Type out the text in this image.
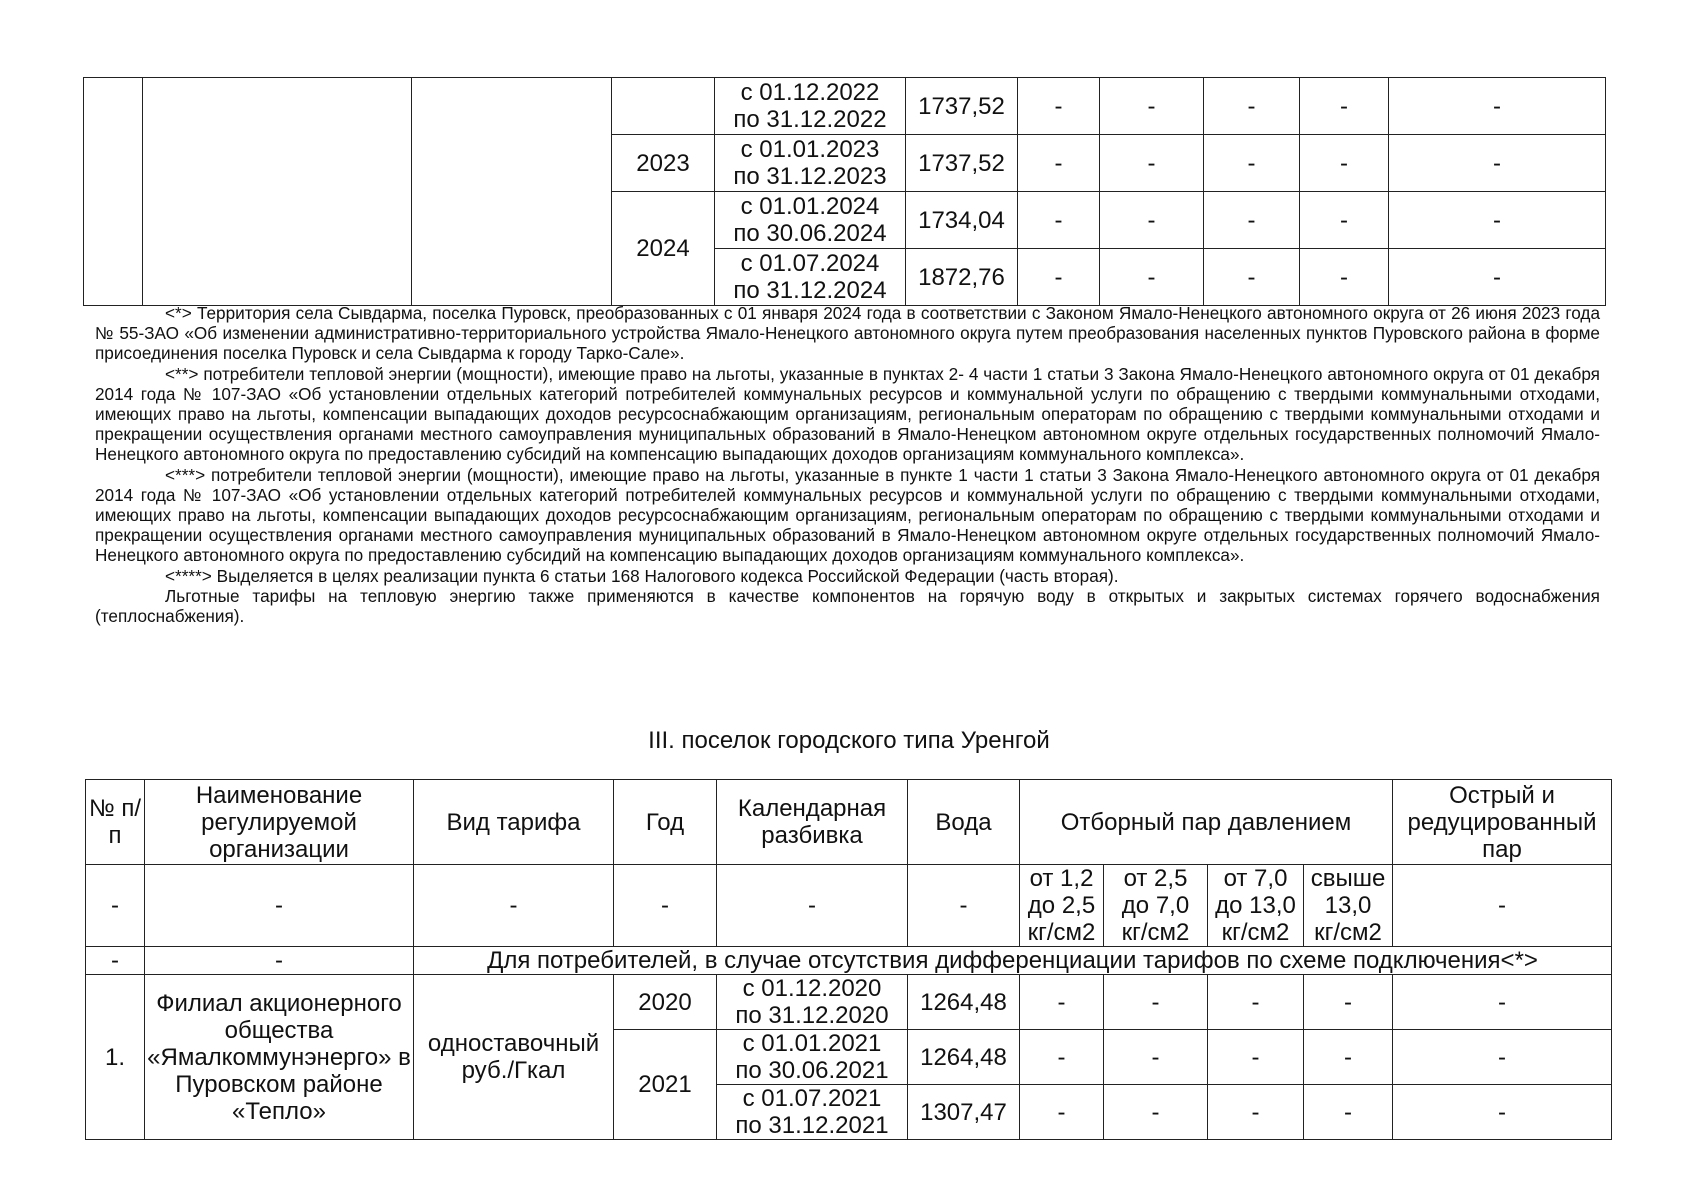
				с 01.12.2022
по 31.12.2022	1737,52	-	-	-	-	-
			2023	с 01.01.2023
по 31.12.2023	1737,52	-	-	-	-	-
			2024	с 01.01.2024
по 30.06.2024	1734,04	-	-	-	-	-

				с 01.07.2024
по 31.12.2024	1872,76	-	-	-	-	-

<*> Территория села Сывдарма, поселка Пуровск, преобразованных с 01 января 2024 года в соответствии с Законом Ямало-Ненецкого автономного округа от 26 июня 2023 года № 55-ЗАО «Об изменении административно-территориального устройства Ямало-Ненецкого автономного округа путем преобразования населенных пунктов Пуровского района в форме присоединения поселка Пуровск и села Сывдарма к городу Тарко-Сале».

<**> потребители тепловой энергии (мощности), имеющие право на льготы, указанные в пунктах 2- 4 части 1 статьи 3 Закона Ямало-Ненецкого автономного округа от 01 декабря 2014 года № 107-ЗАО «Об установлении отдельных категорий потребителей коммунальных ресурсов и коммунальной услуги по обращению с твердыми коммунальными отходами, имеющих право на льготы, компенсации выпадающих доходов ресурсоснабжающим организациям, региональным операторам по обращению с твердыми коммунальными отходами и прекращении осуществления органами местного самоуправления муниципальных образований в Ямало-Ненецком автономном округе отдельных государственных полномочий Ямало-Ненецкого автономного округа по предоставлению субсидий на компенсацию выпадающих доходов организациям коммунального комплекса».

<***> потребители тепловой энергии (мощности), имеющие право на льготы, указанные в пункте 1 части 1 статьи 3 Закона Ямало-Ненецкого автономного округа от 01 декабря 2014 года № 107-ЗАО «Об установлении отдельных категорий потребителей коммунальных ресурсов и коммунальной услуги по обращению с твердыми коммунальными отходами, имеющих право на льготы, компенсации выпадающих доходов ресурсоснабжающим организациям, региональным операторам по обращению с твердыми коммунальными отходами и прекращении осуществления органами местного самоуправления муниципальных образований в Ямало-Ненецком автономном округе отдельных государственных полномочий Ямало-Ненецкого автономного округа по предоставлению субсидий на компенсацию выпадающих доходов организациям коммунального комплекса».

<****> Выделяется в целях реализации пункта 6 статьи 168 Налогового кодекса Российской Федерации (часть вторая).

Льготные тарифы на тепловую энергию также применяются в качестве компонентов на горячую воду в открытых и закрытых системах горячего водоснабжения (теплоснабжения).

III. поселок городского типа Уренгой
№ п/п	Наименование регулируемой организации	Вид тарифа	Год	Календарная разбивка	Вода	Отборный пар давлением				Острый и редуцированный пар
-	-	-	-	-	-	от 1,2
до 2,5
кг/см2	от 2,5
до 7,0
кг/см2	от 7,0
до 13,0
кг/см2	свыше
13,0
кг/см2	-
-	-	Для потребителей, в случае отсутствия дифференциации тарифов по схеме подключения<*>								
1.	Филиал акционерного общества «Ямалкоммунэнерго» в Пуровском районе «Тепло»	одноставочный
руб./Гкал	2020	с 01.12.2020
по 31.12.2020	1264,48	-	-	-	-	-
			2021	с 01.01.2021
по 30.06.2021	1264,48	-	-	-	-	-

				с 01.07.2021
по 31.12.2021	1307,47	-	-	-	-	-
